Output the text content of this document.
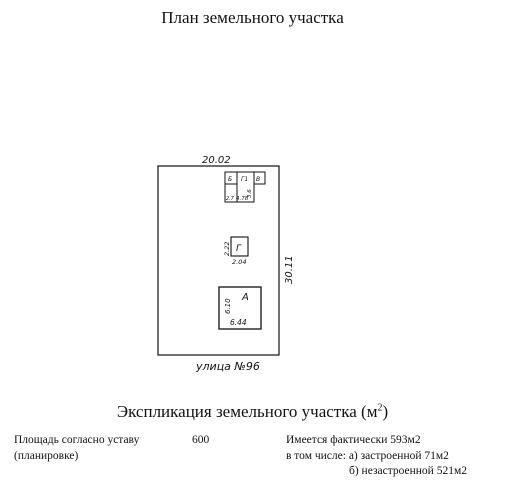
План земельного участка
20.02
30.11
улица №96
Б Г1 В
4.78
3.6
2.7
Г
2.22
2.04
А
6.10
6.44
Экспликация земельного участка $(м^2)$
Площадь согласно уставу
(планировке)
600	Имеется фактически 593м2
в том числе: а) застроенной 71м2
б) незастроенной 521м2
